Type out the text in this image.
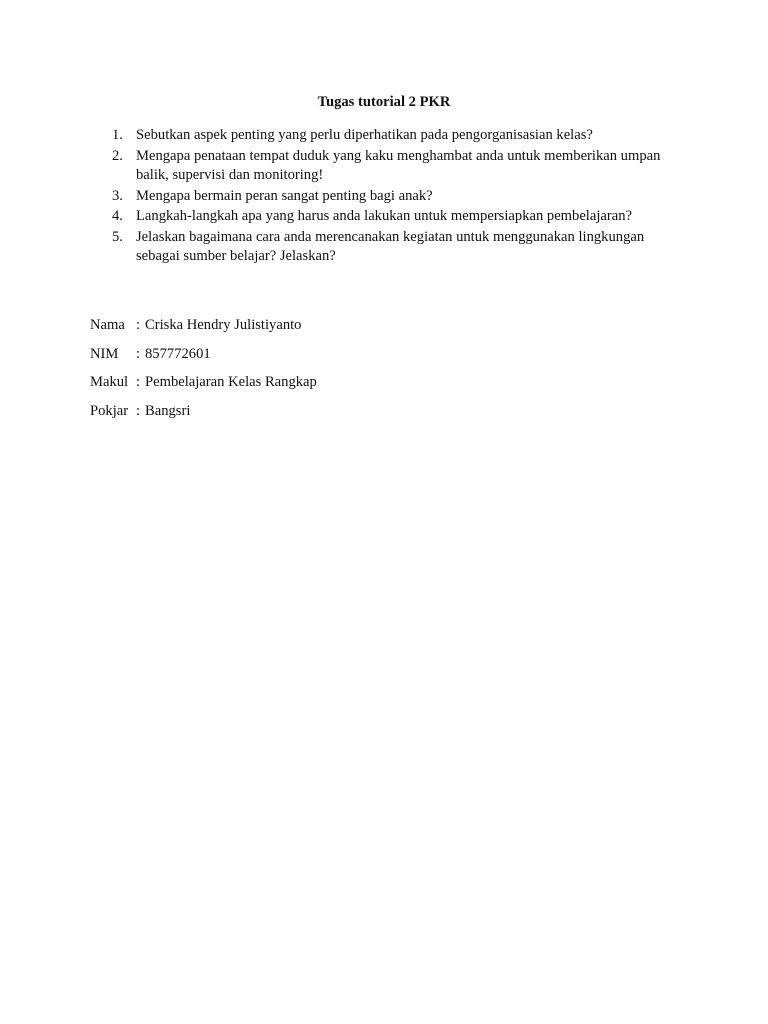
Tugas tutorial 2 PKR
1. Sebutkan aspek penting yang perlu diperhatikan pada pengorganisasian kelas?
2. Mengapa penataan tempat duduk yang kaku menghambat anda untuk memberikan umpan balik, supervisi dan monitoring!
3. Mengapa bermain peran sangat penting bagi anak?
4. Langkah-langkah apa yang harus anda lakukan untuk mempersiapkan pembelajaran?
5. Jelaskan bagaimana cara anda merencanakan kegiatan untuk menggunakan lingkungan sebagai sumber belajar? Jelaskan?
Nama : Criska Hendry Julistiyanto
NIM	: 857772601
Makul : Pembelajaran Kelas Rangkap
Pokjar : Bangsri
